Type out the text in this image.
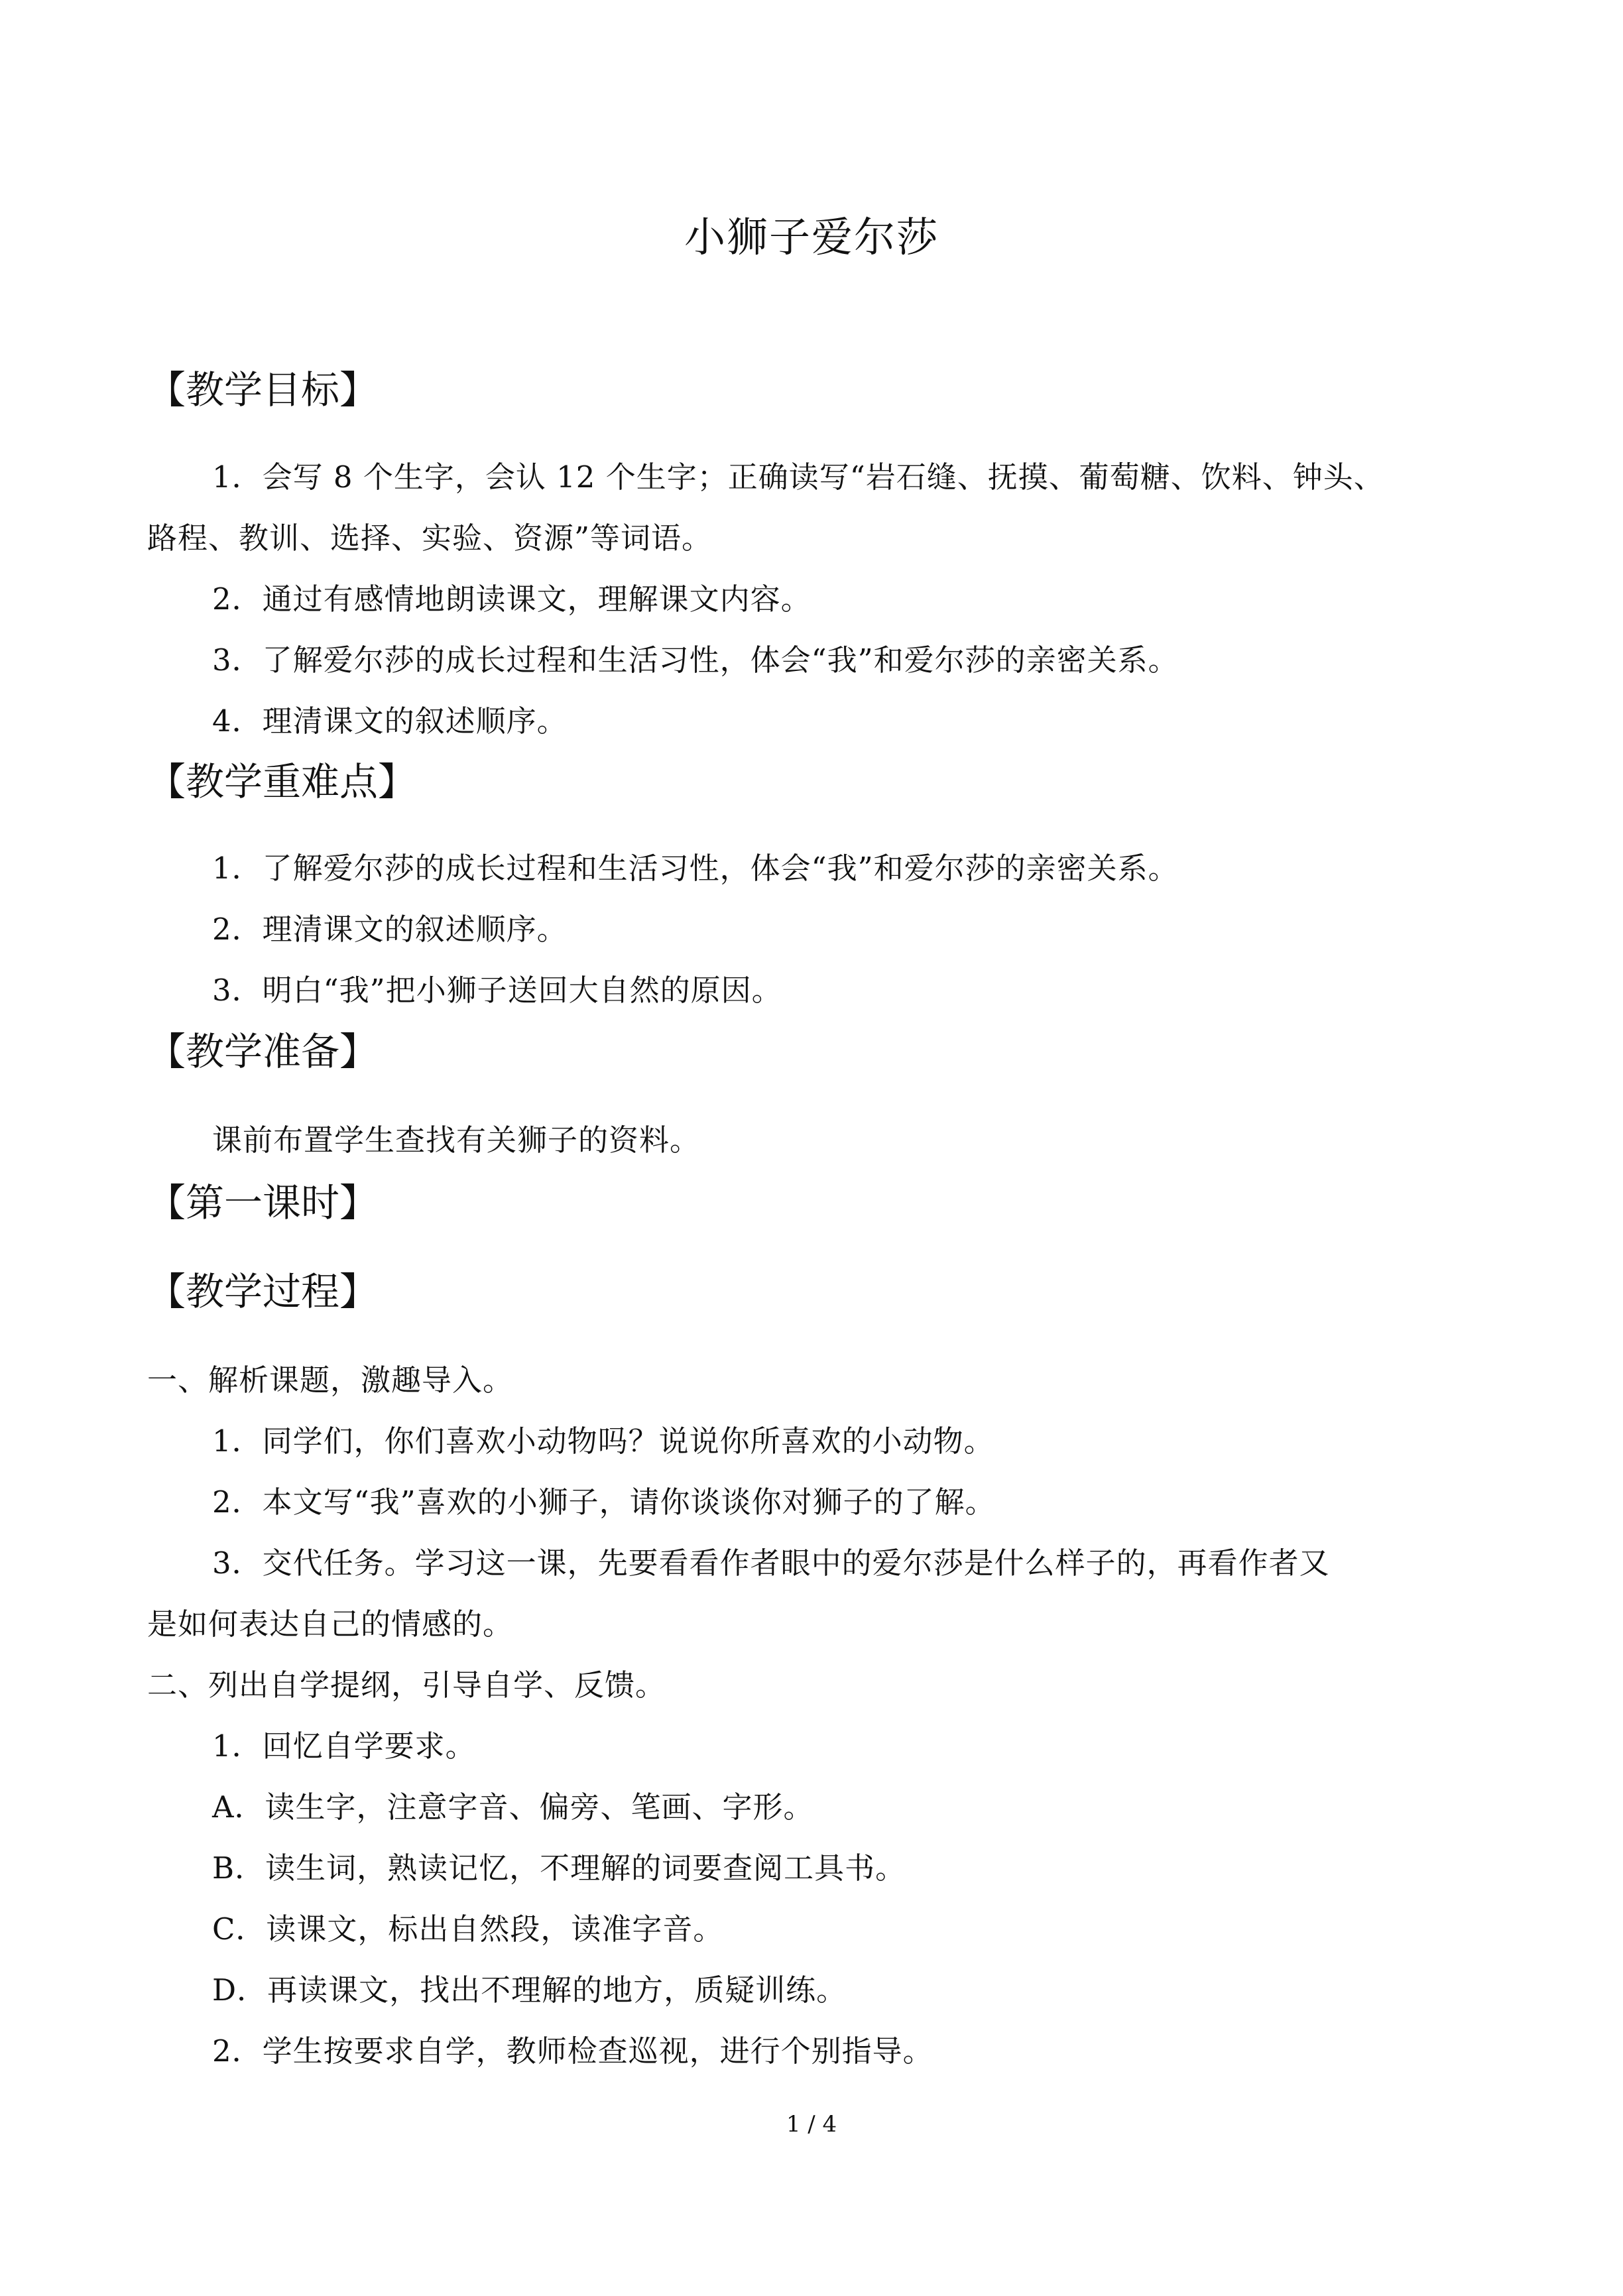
小狮子爱尔莎
【教学目标】
1．会写 8 个生字，会认 12 个生字；正确读写“岩石缝、抚摸、葡萄糖、饮料、钟头、
路程、教训、选择、实验、资源”等词语。
2．通过有感情地朗读课文，理解课文内容。
3．了解爱尔莎的成长过程和生活习性，体会“我”和爱尔莎的亲密关系。
4．理清课文的叙述顺序。
【教学重难点】
1．了解爱尔莎的成长过程和生活习性，体会“我”和爱尔莎的亲密关系。
2．理清课文的叙述顺序。
3．明白“我”把小狮子送回大自然的原因。
【教学准备】
课前布置学生查找有关狮子的资料。
【第一课时】
【教学过程】
一、解析课题，激趣导入。
1．同学们，你们喜欢小动物吗？说说你所喜欢的小动物。
2．本文写“我”喜欢的小狮子，请你谈谈你对狮子的了解。
3．交代任务。学习这一课，先要看看作者眼中的爱尔莎是什么样子的，再看作者又
是如何表达自己的情感的。
二、列出自学提纲，引导自学、反馈。
1．回忆自学要求。
A．读生字，注意字音、偏旁、笔画、字形。
B．读生词，熟读记忆，不理解的词要查阅工具书。
C．读课文，标出自然段，读准字音。
D．再读课文，找出不理解的地方，质疑训练。
2．学生按要求自学，教师检查巡视，进行个别指导。
1 / 4
